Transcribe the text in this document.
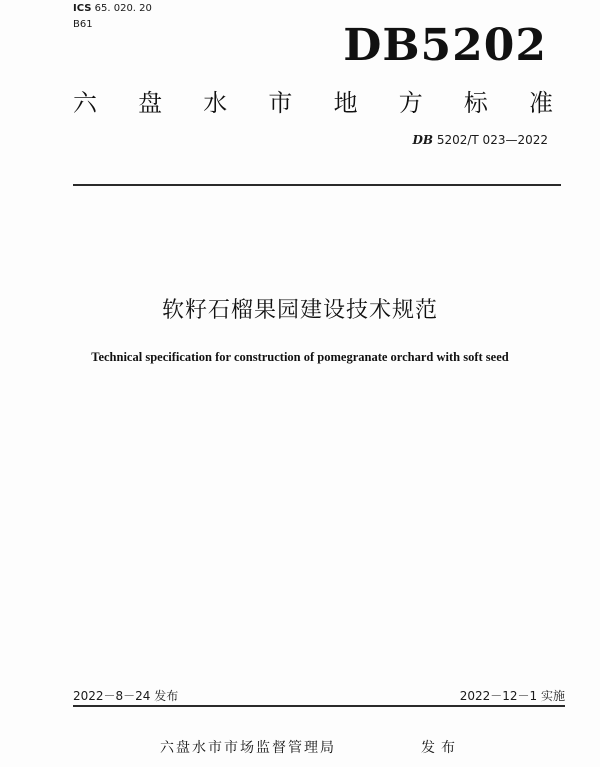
ICS 65. 020. 20
B61	DB5202
六 盘 水 市 地 方 标 准
DB 5202/T 023—2022
软籽石榴果园建设技术规范
Technical specification for construction of pomegranate orchard with soft seed
2022－8－24 发布	2022－12－1 实施
六盘水市市场监督管理局	发布
